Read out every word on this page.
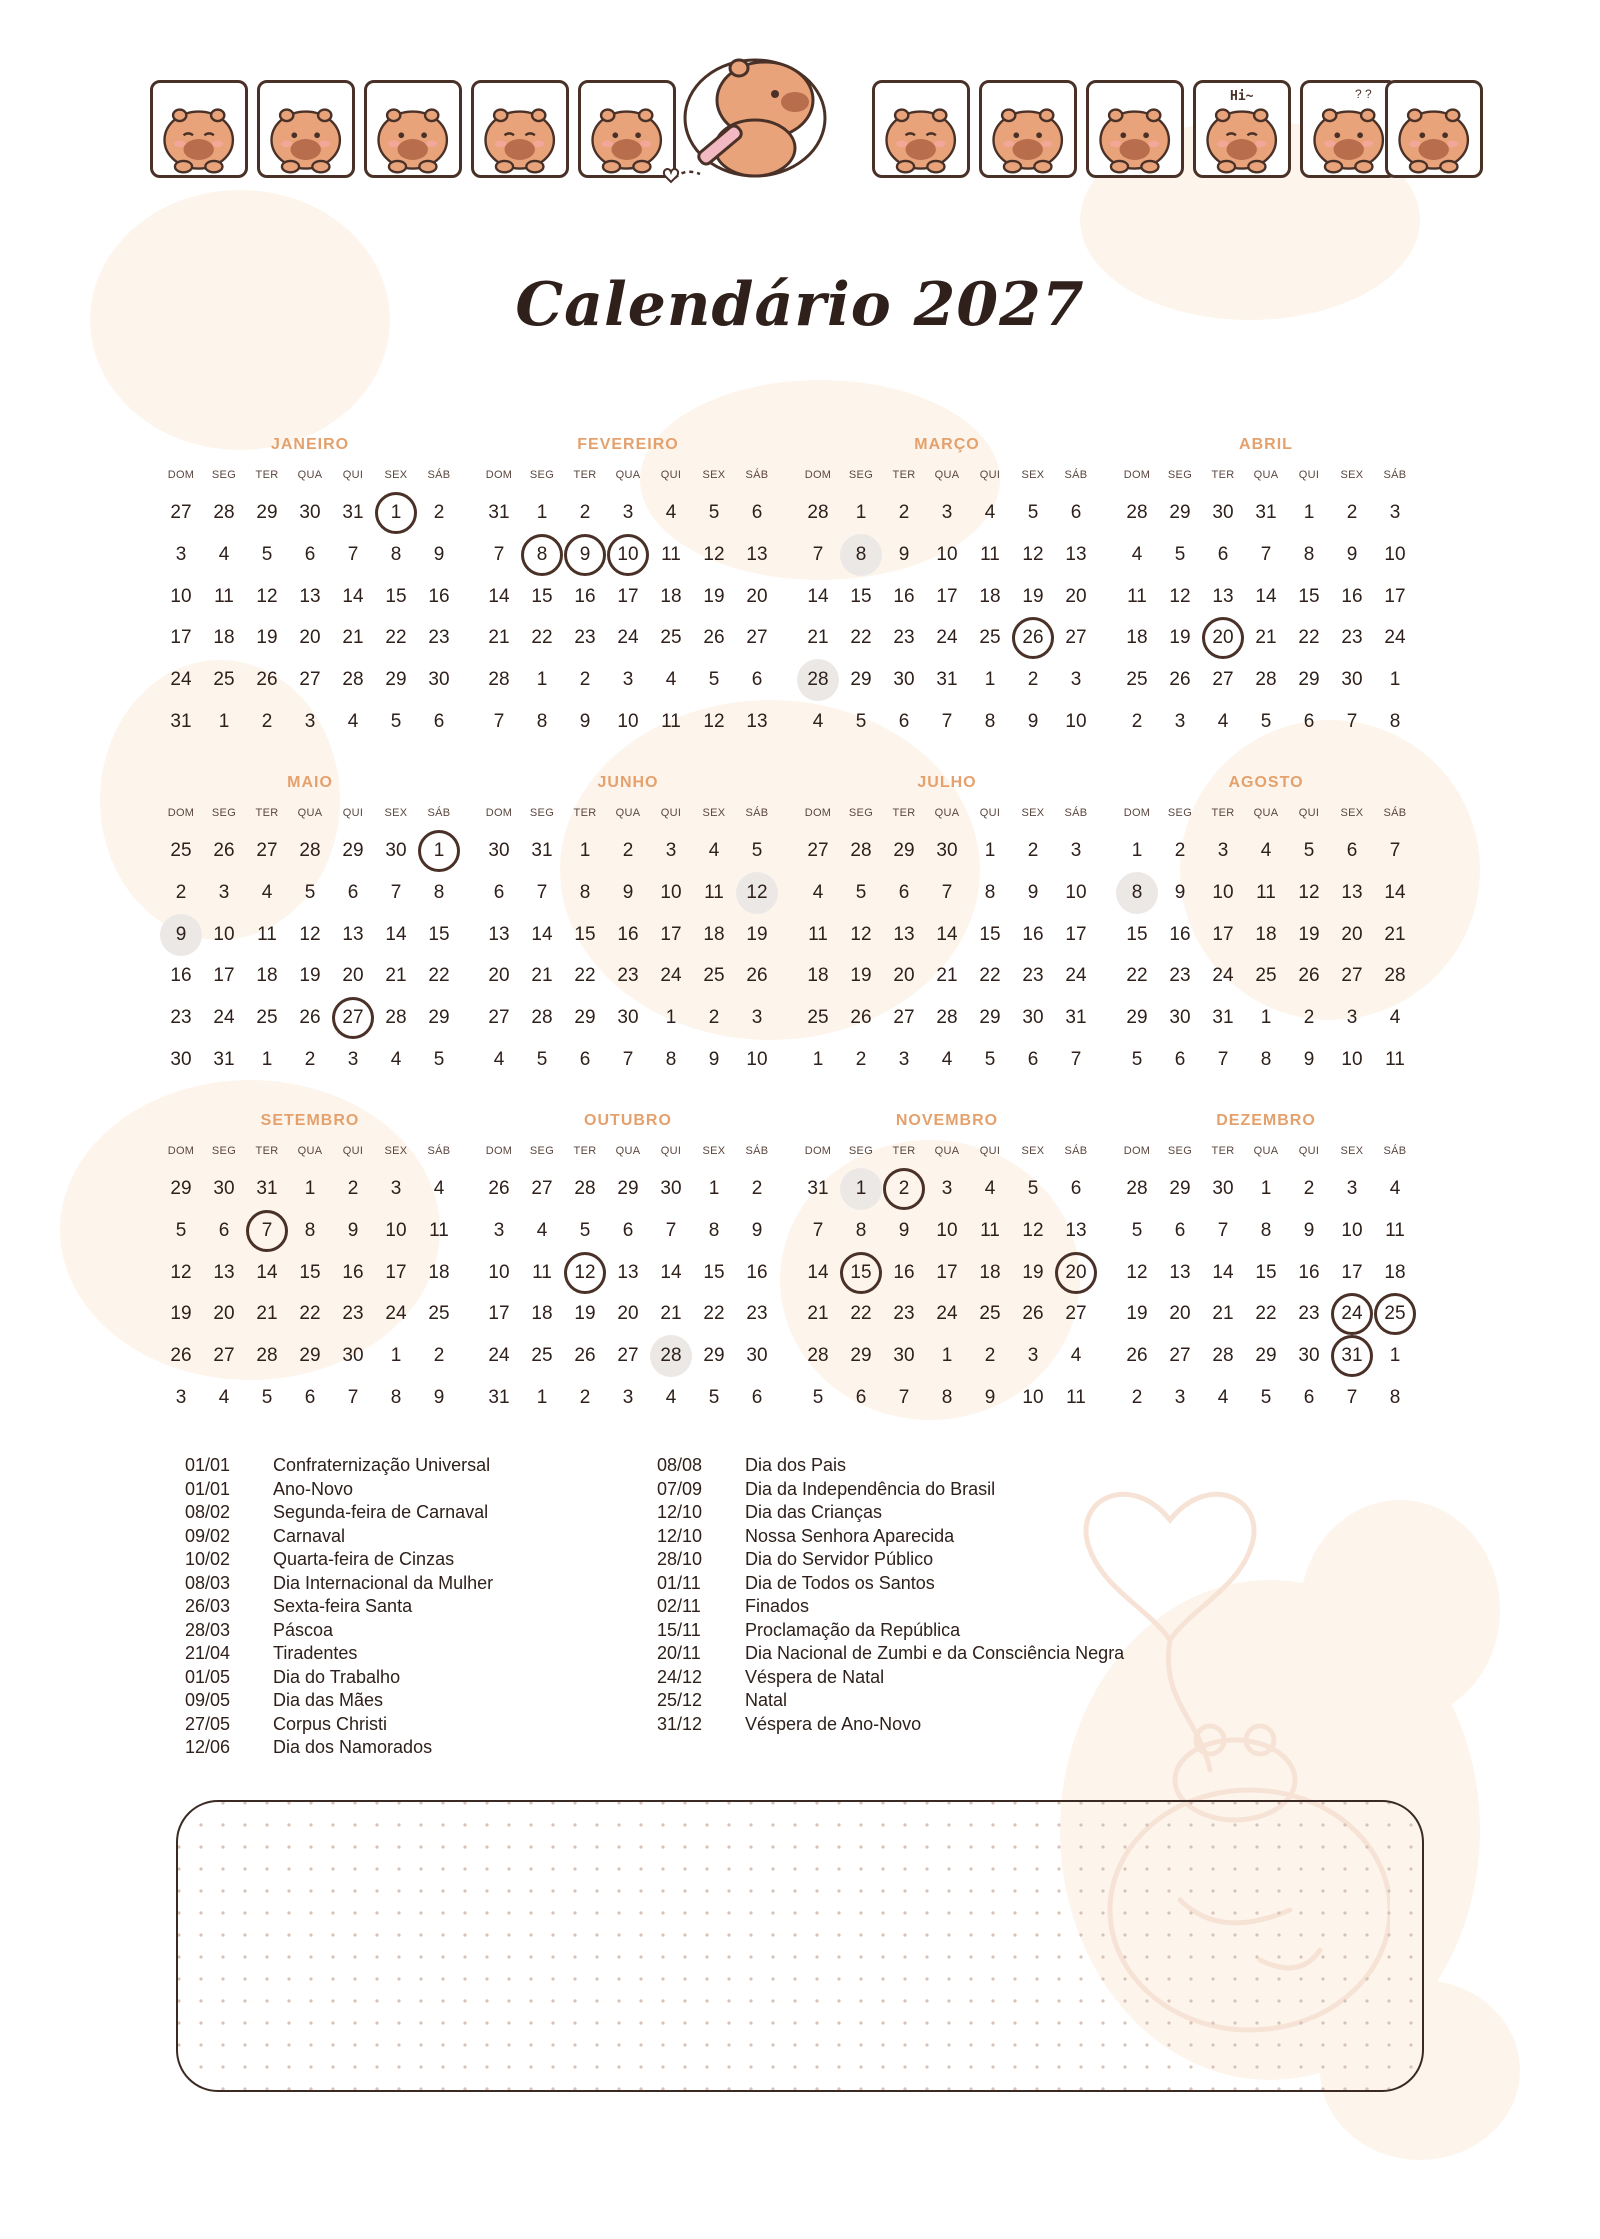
Hi~	? ?
Calendário 2027
JANEIRO
DOM	SEG	TER	QUA	QUI	SEX	SÁB
27	28	29	30	31	1	2
3	4	5	6	7	8	9
10	11	12	13	14	15	16
17	18	19	20	21	22	23
24	25	26	27	28	29	30
31	1	2	3	4	5	6
FEVEREIRO
DOM	SEG	TER	QUA	QUI	SEX	SÁB
31	1	2	3	4	5	6
7	8	9	10	11	12	13
14	15	16	17	18	19	20
21	22	23	24	25	26	27
28	1	2	3	4	5	6
7	8	9	10	11	12	13
MARÇO
DOM	SEG	TER	QUA	QUI	SEX	SÁB
28	1	2	3	4	5	6
7	8	9	10	11	12	13
14	15	16	17	18	19	20
21	22	23	24	25	26	27
28	29	30	31	1	2	3
4	5	6	7	8	9	10
ABRIL
DOM	SEG	TER	QUA	QUI	SEX	SÁB
28	29	30	31	1	2	3
4	5	6	7	8	9	10
11	12	13	14	15	16	17
18	19	20	21	22	23	24
25	26	27	28	29	30	1
2	3	4	5	6	7	8
MAIO
DOM	SEG	TER	QUA	QUI	SEX	SÁB
25	26	27	28	29	30	1
2	3	4	5	6	7	8
9	10	11	12	13	14	15
16	17	18	19	20	21	22
23	24	25	26	27	28	29
30	31	1	2	3	4	5
JUNHO
DOM	SEG	TER	QUA	QUI	SEX	SÁB
30	31	1	2	3	4	5
6	7	8	9	10	11	12
13	14	15	16	17	18	19
20	21	22	23	24	25	26
27	28	29	30	1	2	3
4	5	6	7	8	9	10
JULHO
DOM	SEG	TER	QUA	QUI	SEX	SÁB
27	28	29	30	1	2	3
4	5	6	7	8	9	10
11	12	13	14	15	16	17
18	19	20	21	22	23	24
25	26	27	28	29	30	31
1	2	3	4	5	6	7
AGOSTO
DOM	SEG	TER	QUA	QUI	SEX	SÁB
1	2	3	4	5	6	7
8	9	10	11	12	13	14
15	16	17	18	19	20	21
22	23	24	25	26	27	28
29	30	31	1	2	3	4
5	6	7	8	9	10	11
SETEMBRO
DOM	SEG	TER	QUA	QUI	SEX	SÁB
29	30	31	1	2	3	4
5	6	7	8	9	10	11
12	13	14	15	16	17	18
19	20	21	22	23	24	25
26	27	28	29	30	1	2
3	4	5	6	7	8	9
OUTUBRO
DOM	SEG	TER	QUA	QUI	SEX	SÁB
26	27	28	29	30	1	2
3	4	5	6	7	8	9
10	11	12	13	14	15	16
17	18	19	20	21	22	23
24	25	26	27	28	29	30
31	1	2	3	4	5	6
NOVEMBRO
DOM	SEG	TER	QUA	QUI	SEX	SÁB
31	1	2	3	4	5	6
7	8	9	10	11	12	13
14	15	16	17	18	19	20
21	22	23	24	25	26	27
28	29	30	1	2	3	4
5	6	7	8	9	10	11
DEZEMBRO
DOM	SEG	TER	QUA	QUI	SEX	SÁB
28	29	30	1	2	3	4
5	6	7	8	9	10	11
12	13	14	15	16	17	18
19	20	21	22	23	24	25
26	27	28	29	30	31	1
2	3	4	5	6	7	8
01/01	Confraternização Universal
01/01	Ano-Novo
08/02	Segunda-feira de Carnaval
09/02	Carnaval
10/02	Quarta-feira de Cinzas
08/03	Dia Internacional da Mulher
26/03	Sexta-feira Santa
28/03	Páscoa
21/04	Tiradentes
01/05	Dia do Trabalho
09/05	Dia das Mães
27/05	Corpus Christi
12/06	Dia dos Namorados
08/08	Dia dos Pais
07/09	Dia da Independência do Brasil
12/10	Dia das Crianças
12/10	Nossa Senhora Aparecida
28/10	Dia do Servidor Público
01/11	Dia de Todos os Santos
02/11	Finados
15/11	Proclamação da República
20/11	Dia Nacional de Zumbi e da Consciência Negra
24/12	Véspera de Natal
25/12	Natal
31/12	Véspera de Ano-Novo
